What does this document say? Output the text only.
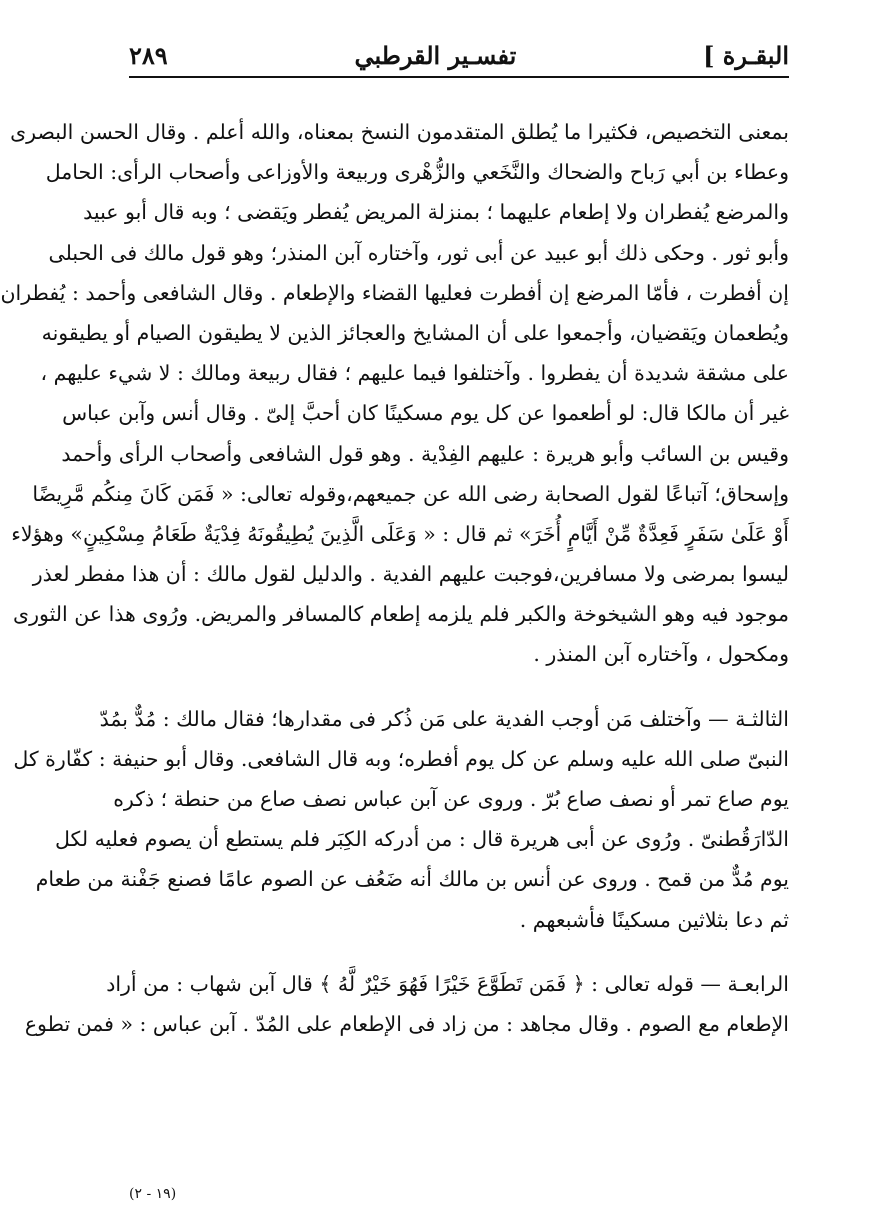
البقـرة ]
تفسـير القرطبي
٢٨٩
بمعنى التخصيص، فكثيرا ما يُطلق المتقدمون النسخ بمعناه، والله أعلم . وقال الحسن البصرى
وعطاء بن أبي رَباح والضحاك والنَّخَعي والزُّهْرى وربيعة والأوزاعى وأصحاب الرأى: الحامل
والمرضع يُفطران ولا إطعام عليهما ؛ بمنزلة المريض يُفطر ويَقضى ؛ وبه قال أبو عبيد
وأبو ثور . وحكى ذلك أبو عبيد عن أبى ثور، وآختاره آبن المنذر؛ وهو قول مالك فى الحبلى
إن أفطرت ، فأمّا المرضع إن أفطرت فعليها القضاء والإطعام . وقال الشافعى وأحمد : يُفطران
ويُطعمان ويَقضيان، وأجمعوا على أن المشايخ والعجائز الذين لا يطيقون الصيام أو يطيقونه
على مشقة شديدة أن يفطروا . وآختلفوا فيما عليهم ؛ فقال ربيعة ومالك : لا شيء عليهم ،
غير أن مالكا قال: لو أطعموا عن كل يوم مسكينًا كان أحبَّ إلىّ . وقال أنس وآبن عباس
وقيس بن السائب وأبو هريرة : عليهم الفِدْية . وهو قول الشافعى وأصحاب الرأى وأحمد
وإسحاق؛ آتباعًا لقول الصحابة رضى الله عن جميعهم،وقوله تعالى: « فَمَن كَانَ مِنكُم مَّرِيضًا
أَوْ عَلَىٰ سَفَرٍ فَعِدَّةٌ مِّنْ أَيَّامٍ أُخَرَ» ثم قال : « وَعَلَى الَّذِينَ يُطِيقُونَهُ فِدْيَةٌ طَعَامُ مِسْكِينٍ» وهؤلاء
ليسوا بمرضى ولا مسافرين،فوجبت عليهم الفدية . والدليل لقول مالك : أن هذا مفطر لعذر
موجود فيه وهو الشيخوخة والكبر فلم يلزمه إطعام كالمسافر والمريض. ورُوى هذا عن الثورى
ومكحول ، وآختاره آبن المنذر .
الثالثـة — وآختلف مَن أوجب الفدية على مَن ذُكر فى مقدارها؛ فقال مالك : مُدٌّ بمُدّ
النبىّ صلى الله عليه وسلم عن كل يوم أفطره؛ وبه قال الشافعى. وقال أبو حنيفة : كفّارة كل
يوم صاع تمر أو نصف صاع بُرّ . وروى عن آبن عباس نصف صاع من حنطة ؛ ذكره
الدّارَقُطنىّ . ورُوى عن أبى هريرة قال : من أدركه الكِبَر فلم يستطع أن يصوم فعليه لكل
يوم مُدٌّ من قمح . وروى عن أنس بن مالك أنه ضَعُف عن الصوم عامًا فصنع جَفْنة من طعام
ثم دعا بثلاثين مسكينًا فأشبعهم .
الرابعـة — قوله تعالى : ﴿ فَمَن تَطَوَّعَ خَيْرًا فَهُوَ خَيْرٌ لَّهُ ﴾ قال آبن شهاب : من أراد
الإطعام مع الصوم . وقال مجاهد : من زاد فى الإطعام على المُدّ . آبن عباس : « فمن تطوع
(١٩ - ٢)
